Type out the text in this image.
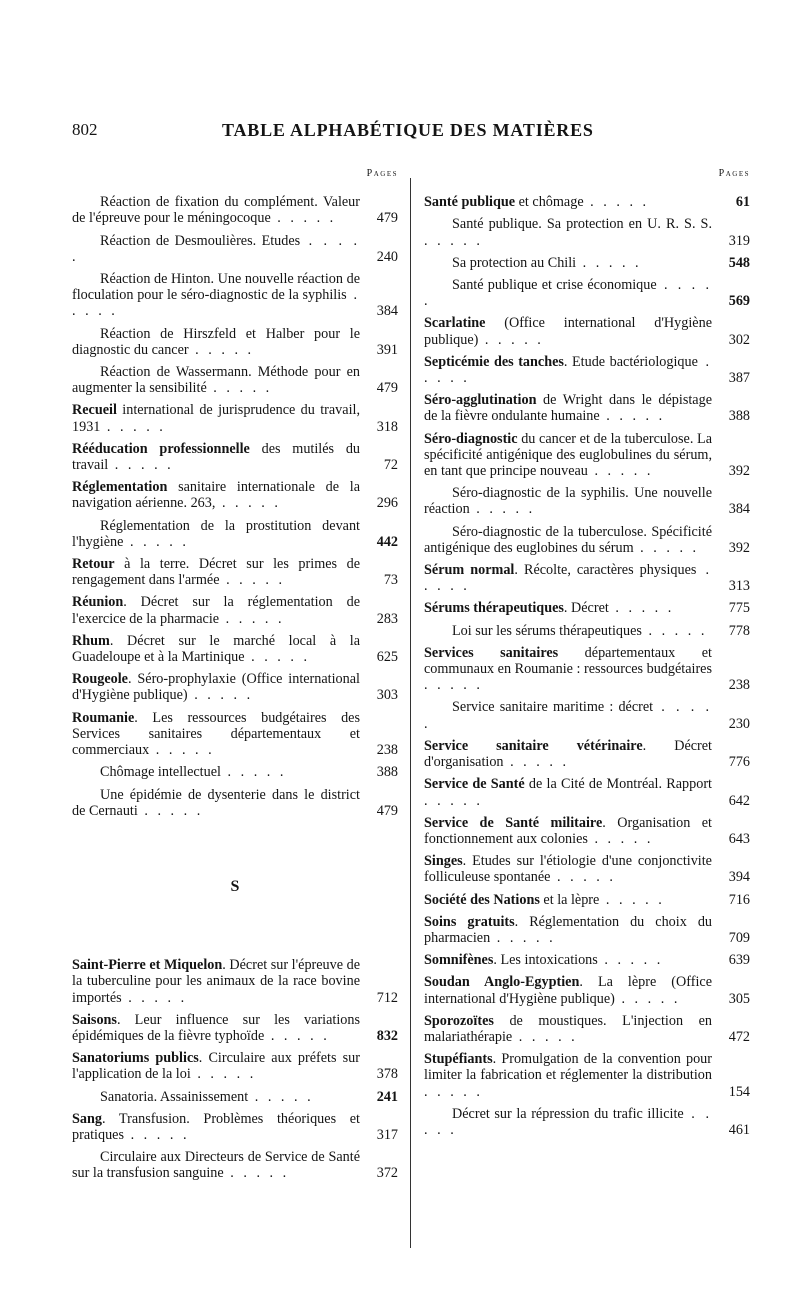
802	TABLE ALPHABÉTIQUE DES MATIÈRES
Pages
Réaction de fixation du complément. Valeur de l'épreuve pour le méningocoque . . . . .	479
Réaction de Desmoulières. Etudes . . . . .	240
Réaction de Hinton. Une nouvelle réaction de floculation pour le séro-diagnostic de la syphilis . . . . .	384
Réaction de Hirszfeld et Halber pour le diagnostic du cancer . . . . .	391
Réaction de Wassermann. Méthode pour en augmenter la sensibilité . . . . .	479
Recueil international de jurisprudence du travail, 1931 . . . . .	318
Rééducation professionnelle des mutilés du travail . . . . .	72
Réglementation sanitaire internationale de la navigation aérienne. 263, . . . . .	296
Réglementation de la prostitution devant l'hygiène . . . . .	442
Retour à la terre. Décret sur les primes de rengagement dans l'armée . . . . .	73
Réunion. Décret sur la réglementation de l'exercice de la pharmacie . . . . .	283
Rhum. Décret sur le marché local à la Guadeloupe et à la Martinique . . . . .	625
Rougeole. Séro-prophylaxie (Office international d'Hygiène publique) . . . . .	303
Roumanie. Les ressources budgétaires des Services sanitaires départementaux et commerciaux . . . . .	238
Chômage intellectuel . . . . .	388
Une épidémie de dysenterie dans le district de Cernauti . . . . .	479
S
Saint-Pierre et Miquelon. Décret sur l'épreuve de la tuberculine pour les animaux de la race bovine importés . . . . .	712
Saisons. Leur influence sur les variations épidémiques de la fièvre typhoïde . . . . .	832
Sanatoriums publics. Circulaire aux préfets sur l'application de la loi . . . . .	378
Sanatoria. Assainissement . . . . .	241
Sang. Transfusion. Problèmes théoriques et pratiques . . . . .	317
Circulaire aux Directeurs de Service de Santé sur la transfusion sanguine . . . . .	372
Pages
Santé publique et chômage . . . . .	61
Santé publique. Sa protection en U. R. S. S. . . . . .	319
Sa protection au Chili . . . . .	548
Santé publique et crise économique . . . . .	569
Scarlatine (Office international d'Hygiène publique) . . . . .	302
Septicémie des tanches. Etude bactériologique . . . . .	387
Séro-agglutination de Wright dans le dépistage de la fièvre ondulante humaine . . . . .	388
Séro-diagnostic du cancer et de la tuberculose. La spécificité antigénique des euglobulines du sérum, en tant que principe nouveau . . . . .	392
Séro-diagnostic de la syphilis. Une nouvelle réaction . . . . .	384
Séro-diagnostic de la tuberculose. Spécificité antigénique des euglobines du sérum . . . . .	392
Sérum normal. Récolte, caractères physiques . . . . .	313
Sérums thérapeutiques. Décret . . . . .	775
Loi sur les sérums thérapeutiques . . . . .	778
Services sanitaires départementaux et communaux en Roumanie : ressources budgétaires . . . . .	238
Service sanitaire maritime : décret . . . . .	230
Service sanitaire vétérinaire. Décret d'organisation . . . . .	776
Service de Santé de la Cité de Montréal. Rapport . . . . .	642
Service de Santé militaire. Organisation et fonctionnement aux colonies . . . . .	643
Singes. Etudes sur l'étiologie d'une conjonctivite folliculeuse spontanée . . . . .	394
Société des Nations et la lèpre . . . . .	716
Soins gratuits. Réglementation du choix du pharmacien . . . . .	709
Somnifènes. Les intoxications . . . . .	639
Soudan Anglo-Egyptien. La lèpre (Office international d'Hygiène publique) . . . . .	305
Sporozoïtes de moustiques. L'injection en malariathérapie . . . . .	472
Stupéfiants. Promulgation de la convention pour limiter la fabrication et réglementer la distribution . . . . .	154
Décret sur la répression du trafic illicite . . . . .	461
